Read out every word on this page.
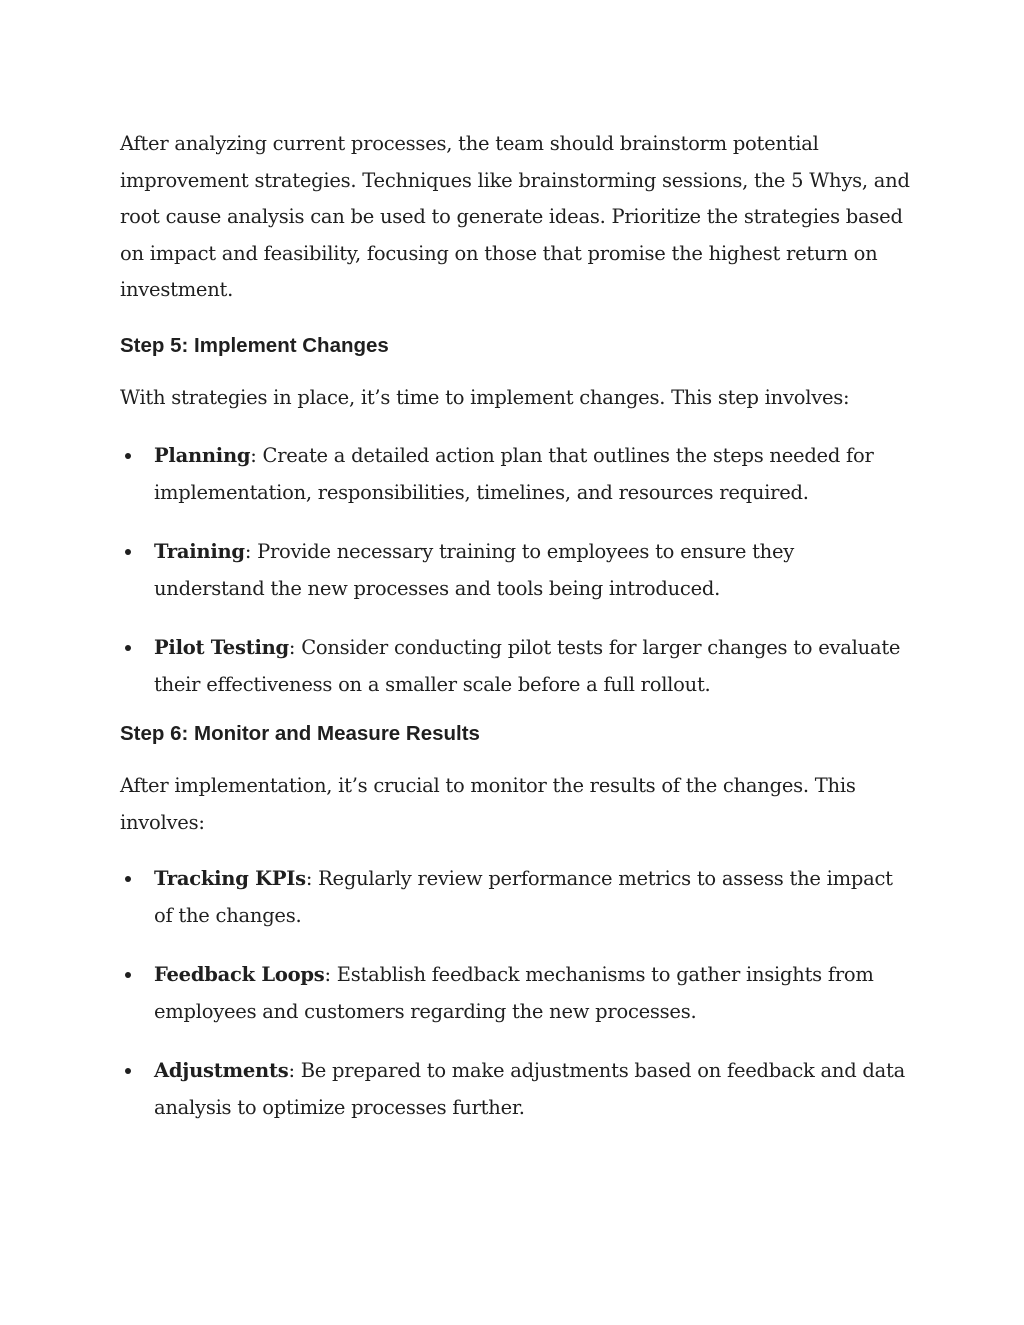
After analyzing current processes, the team should brainstorm potential improvement strategies. Techniques like brainstorming sessions, the 5 Whys, and root cause analysis can be used to generate ideas. Prioritize the strategies based on impact and feasibility, focusing on those that promise the highest return on investment.

Step 5: Implement Changes

With strategies in place, it’s time to implement changes. This step involves:

Planning: Create a detailed action plan that outlines the steps needed for implementation, responsibilities, timelines, and resources required.
Training: Provide necessary training to employees to ensure they understand the new processes and tools being introduced.
Pilot Testing: Consider conducting pilot tests for larger changes to evaluate their effectiveness on a smaller scale before a full rollout.
Step 6: Monitor and Measure Results

After implementation, it’s crucial to monitor the results of the changes. This involves:

Tracking KPIs: Regularly review performance metrics to assess the impact of the changes.
Feedback Loops: Establish feedback mechanisms to gather insights from employees and customers regarding the new processes.
Adjustments: Be prepared to make adjustments based on feedback and data analysis to optimize processes further.
